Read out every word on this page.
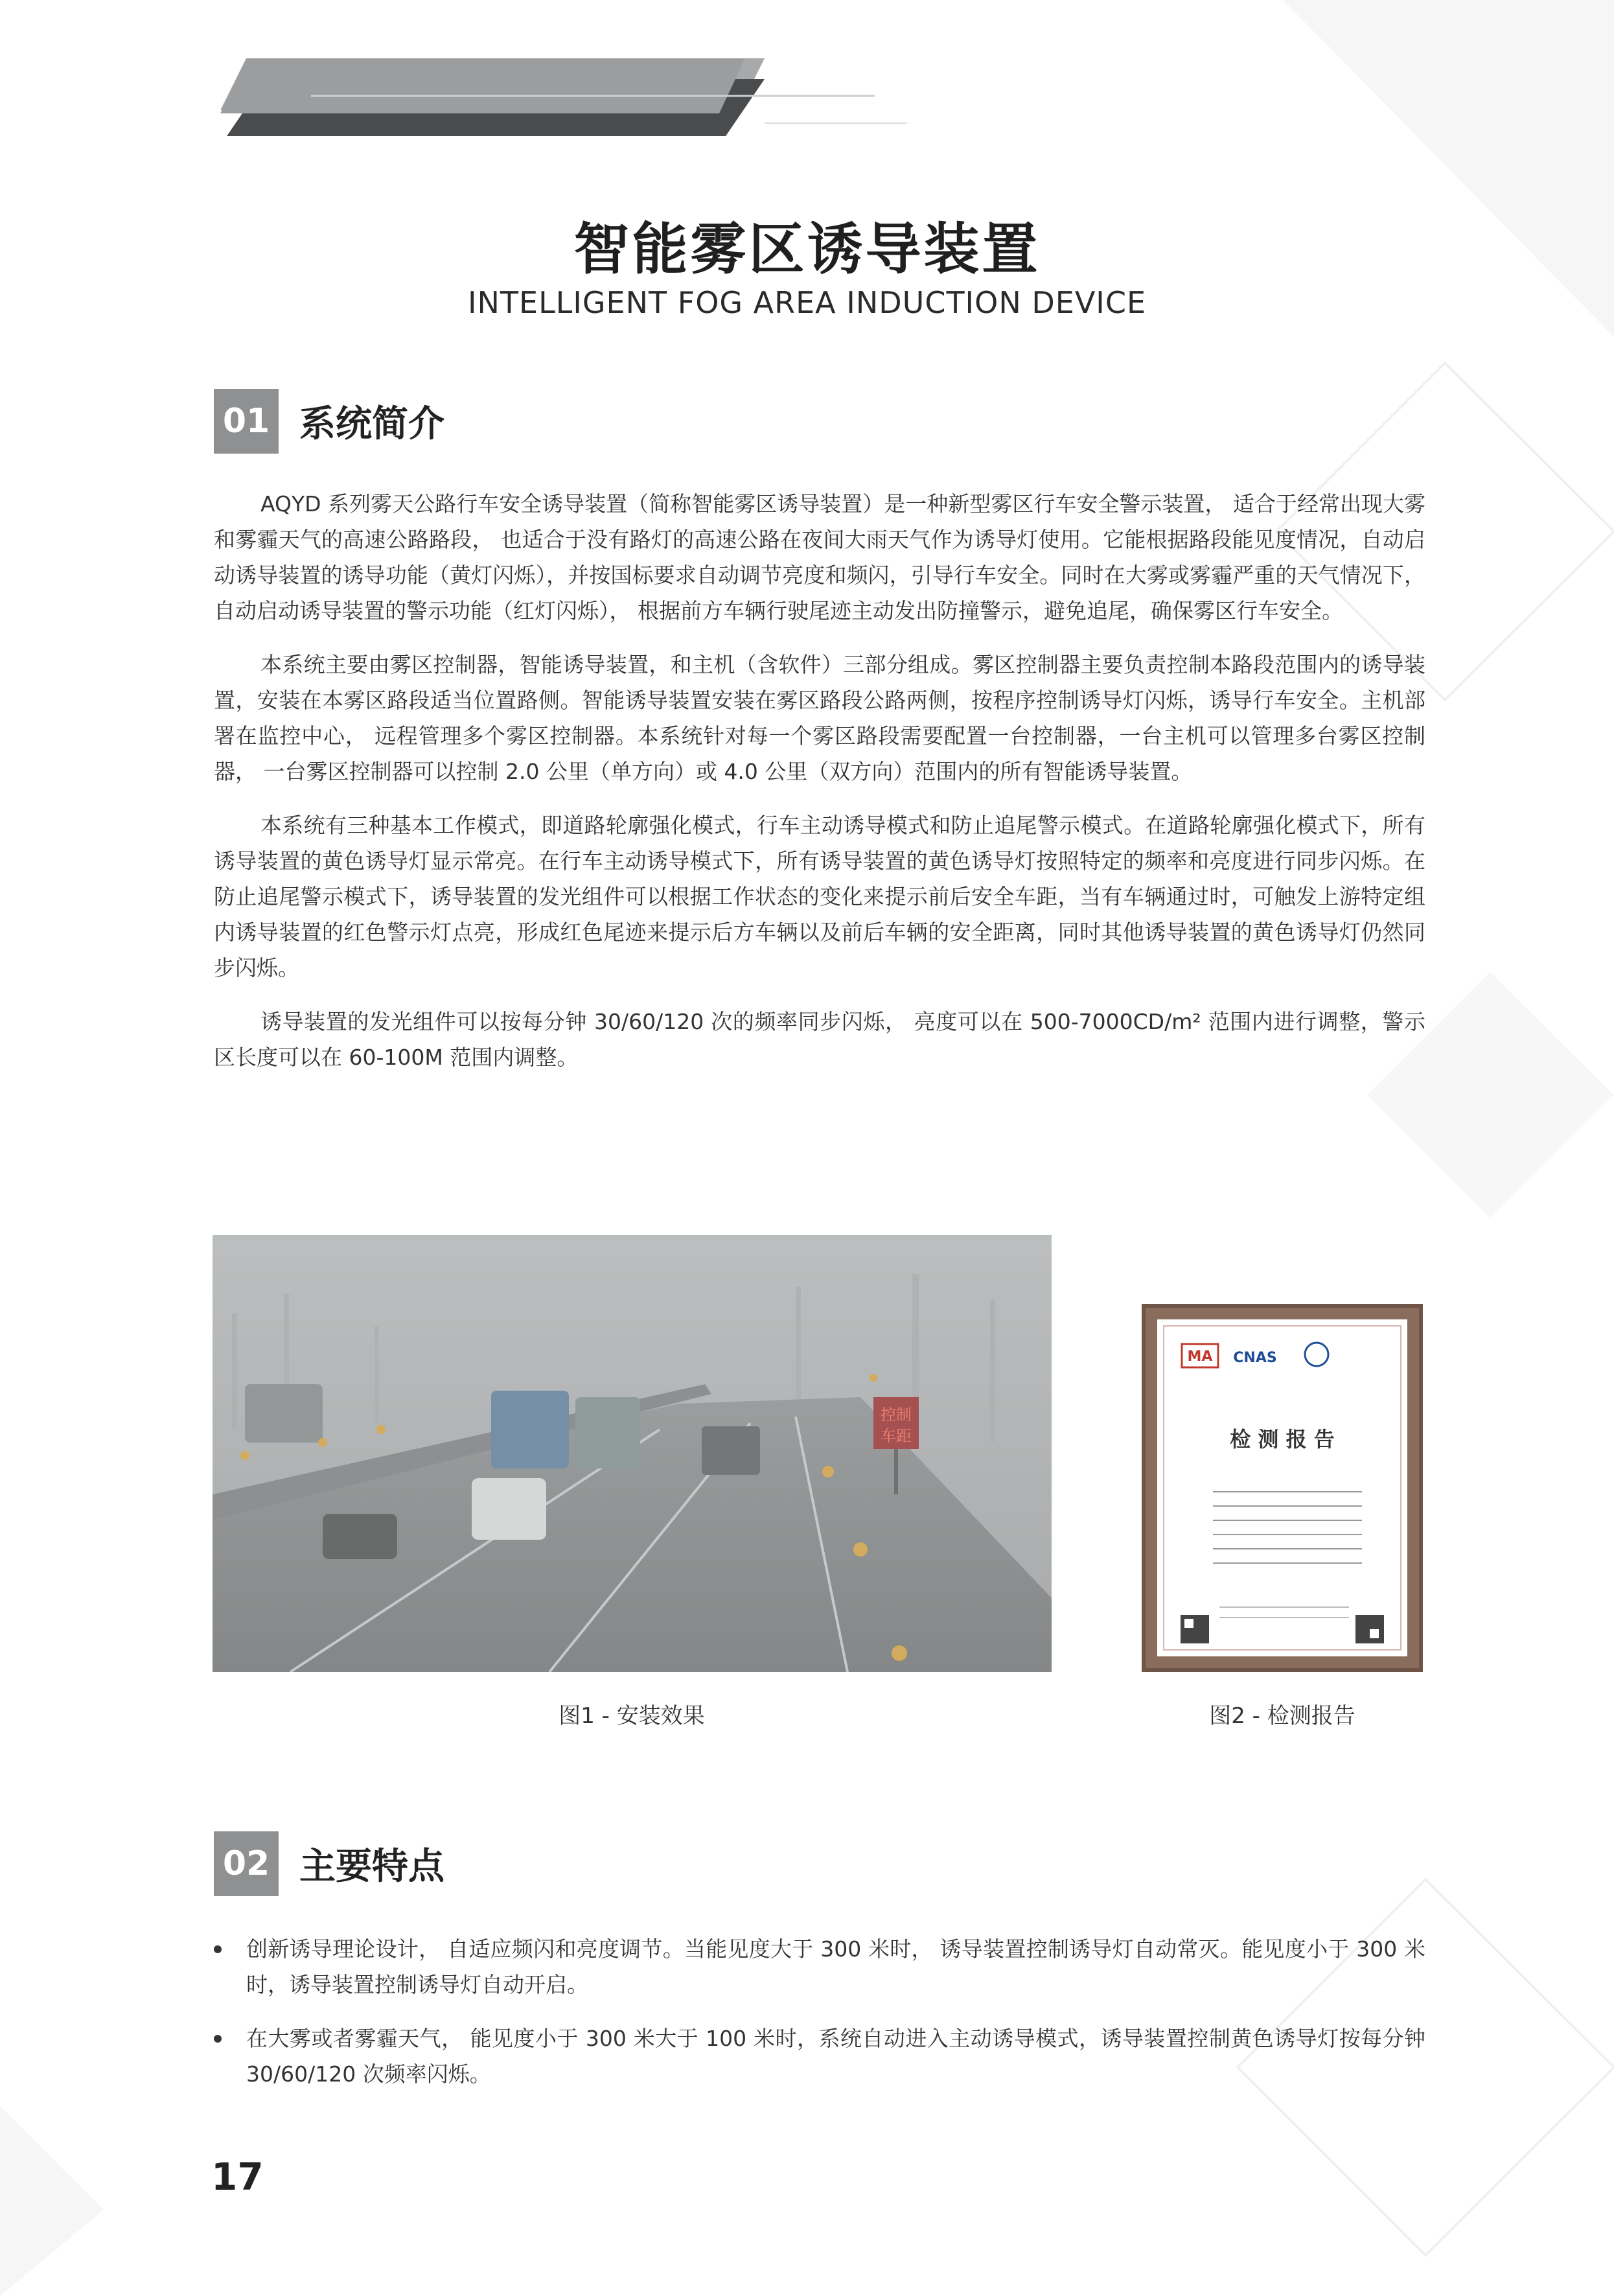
智能雾区诱导装置
INTELLIGENT FOG AREA INDUCTION DEVICE
01 系统简介

AQYD 系列雾天公路行车安全诱导装置（简称智能雾区诱导装置）是一种新型雾区行车安全警示装置， 适合于经常出现大雾和雾霾天气的高速公路路段， 也适合于没有路灯的高速公路在夜间大雨天气作为诱导灯使用。它能根据路段能见度情况，自动启动诱导装置的诱导功能（黄灯闪烁），并按国标要求自动调节亮度和频闪，引导行车安全。同时在大雾或雾霾严重的天气情况下， 自动启动诱导装置的警示功能（红灯闪烁）， 根据前方车辆行驶尾迹主动发出防撞警示，避免追尾，确保雾区行车安全。

本系统主要由雾区控制器，智能诱导装置，和主机（含软件）三部分组成。雾区控制器主要负责控制本路段范围内的诱导装置，安装在本雾区路段适当位置路侧。智能诱导装置安装在雾区路段公路两侧，按程序控制诱导灯闪烁，诱导行车安全。主机部署在监控中心， 远程管理多个雾区控制器。本系统针对每一个雾区路段需要配置一台控制器，一台主机可以管理多台雾区控制器， 一台雾区控制器可以控制 2.0 公里（单方向）或 4.0 公里（双方向）范围内的所有智能诱导装置。

本系统有三种基本工作模式，即道路轮廓强化模式，行车主动诱导模式和防止追尾警示模式。在道路轮廓强化模式下，所有诱导装置的黄色诱导灯显示常亮。在行车主动诱导模式下，所有诱导装置的黄色诱导灯按照特定的频率和亮度进行同步闪烁。在防止追尾警示模式下，诱导装置的发光组件可以根据工作状态的变化来提示前后安全车距，当有车辆通过时，可触发上游特定组内诱导装置的红色警示灯点亮，形成红色尾迹来提示后方车辆以及前后车辆的安全距离，同时其他诱导装置的黄色诱导灯仍然同步闪烁。

诱导装置的发光组件可以按每分钟 30/60/120 次的频率同步闪烁， 亮度可以在 500-7000CD/m² 范围内进行调整，警示区长度可以在 60-100M 范围内调整。

控制
车距
MA CNAS
检 测 报 告
图1 - 安装效果	图2 - 检测报告
02 主要特点
创新诱导理论设计， 自适应频闪和亮度调节。当能见度大于 300 米时， 诱导装置控制诱导灯自动常灭。能见度小于 300 米时，诱导装置控制诱导灯自动开启。
在大雾或者雾霾天气， 能见度小于 300 米大于 100 米时，系统自动进入主动诱导模式，诱导装置控制黄色诱导灯按每分钟 30/60/120 次频率闪烁。
17
